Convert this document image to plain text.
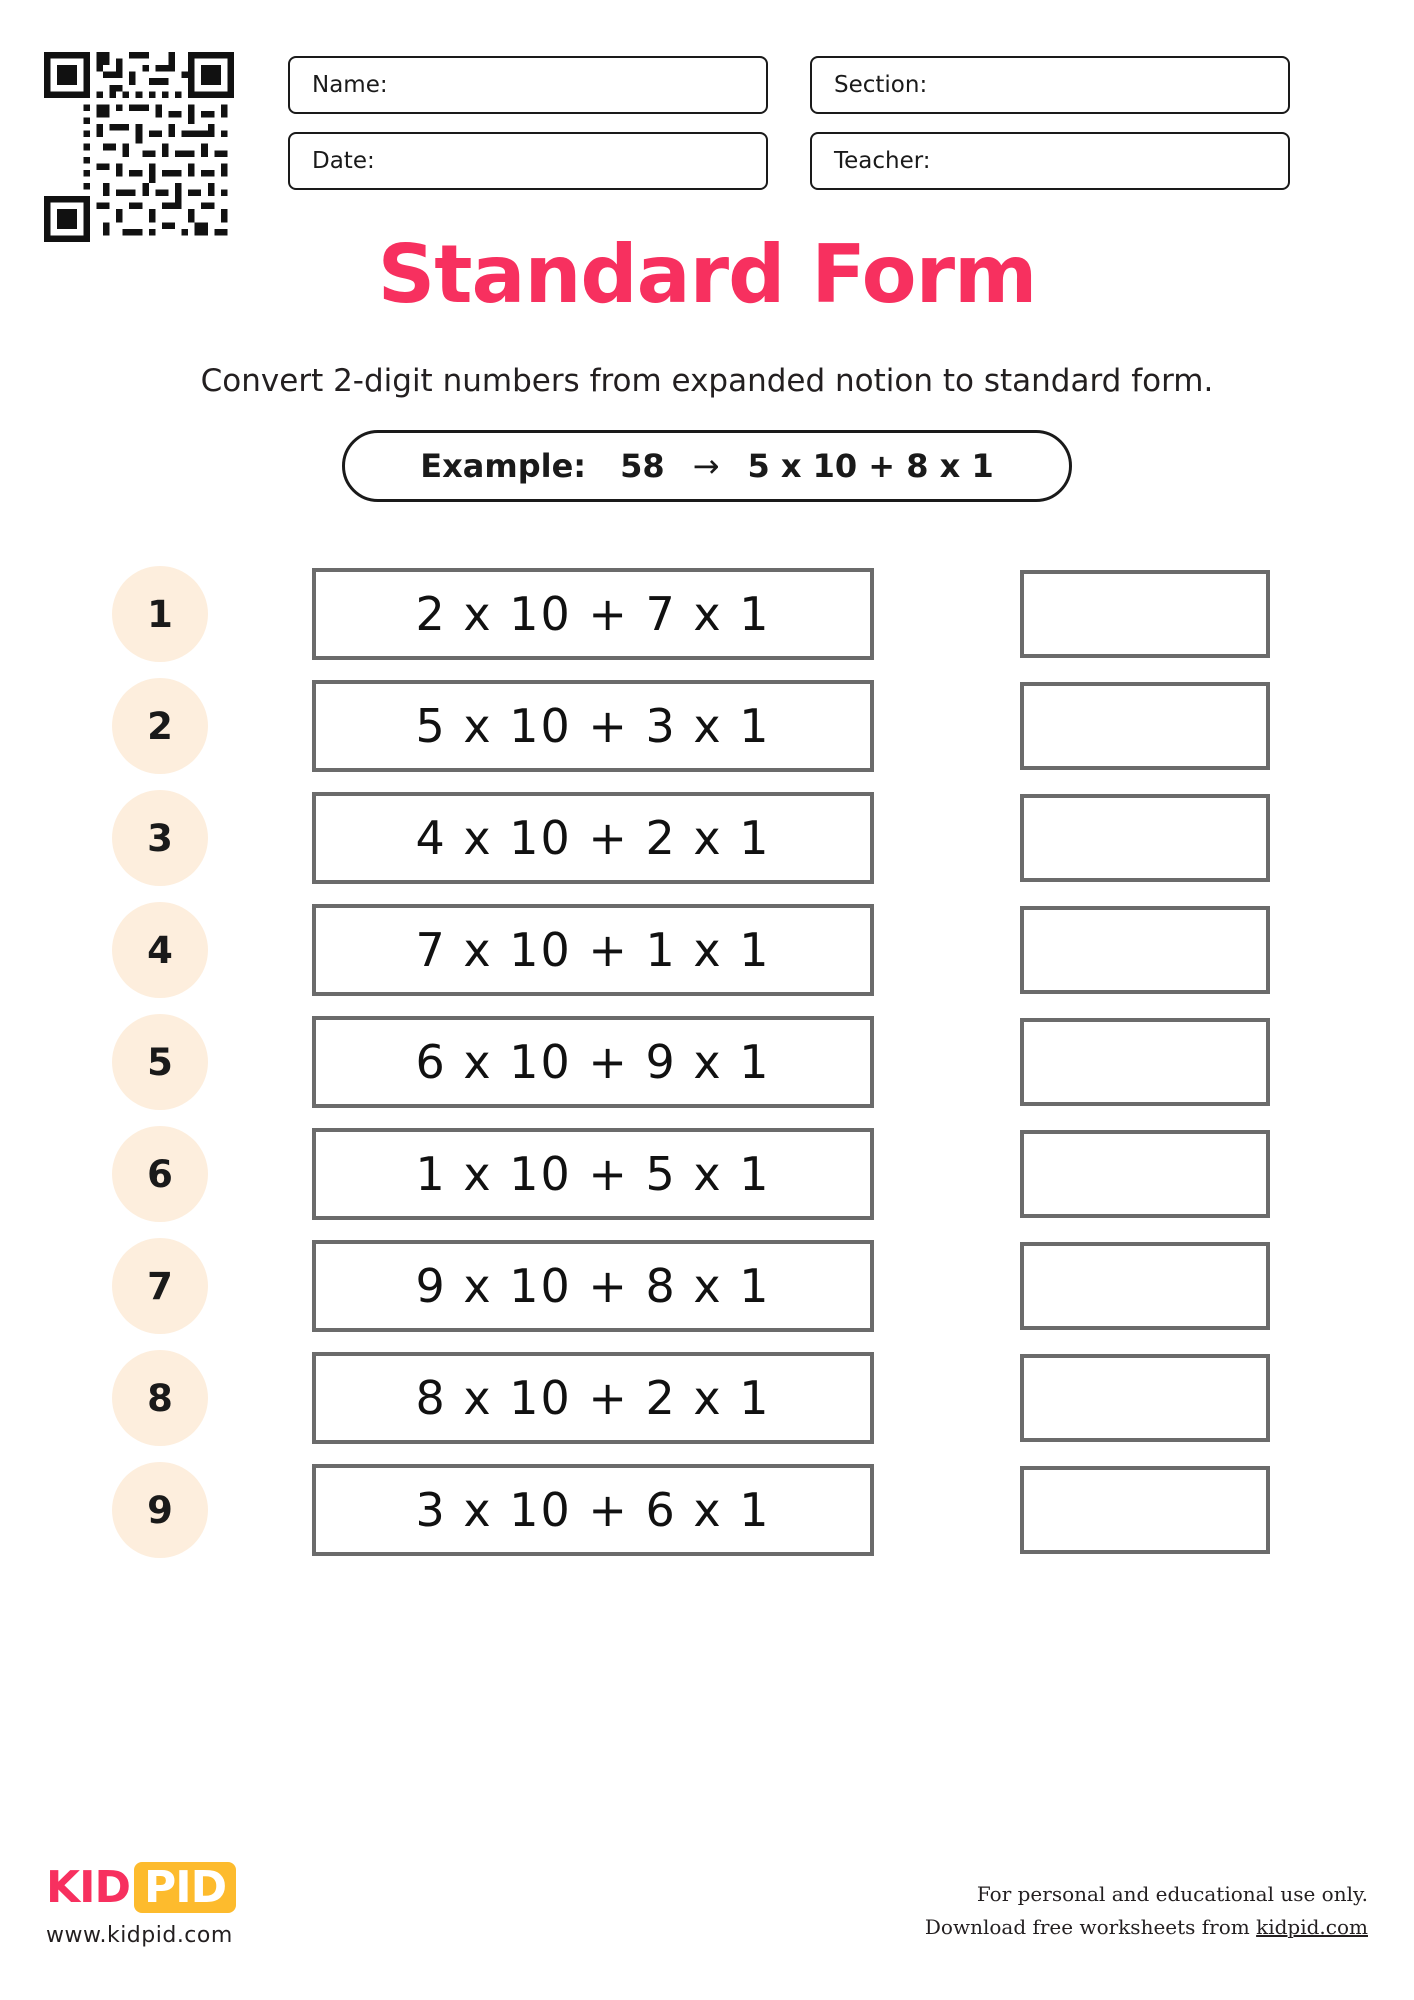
Name:	Section:
Date:	Teacher:
Standard Form
Convert 2-digit numbers from expanded notion to standard form.
Example: 58 → 5 x 10 + 8 x 1
1	2 x 10 + 7 x 1
2	5 x 10 + 3 x 1
3	4 x 10 + 2 x 1
4	7 x 10 + 1 x 1
5	6 x 10 + 9 x 1
6	1 x 10 + 5 x 1
7	9 x 10 + 8 x 1
8	8 x 10 + 2 x 1
9	3 x 10 + 6 x 1
KID PID
www.kidpid.com
For personal and educational use only.
Download free worksheets from kidpid.com
